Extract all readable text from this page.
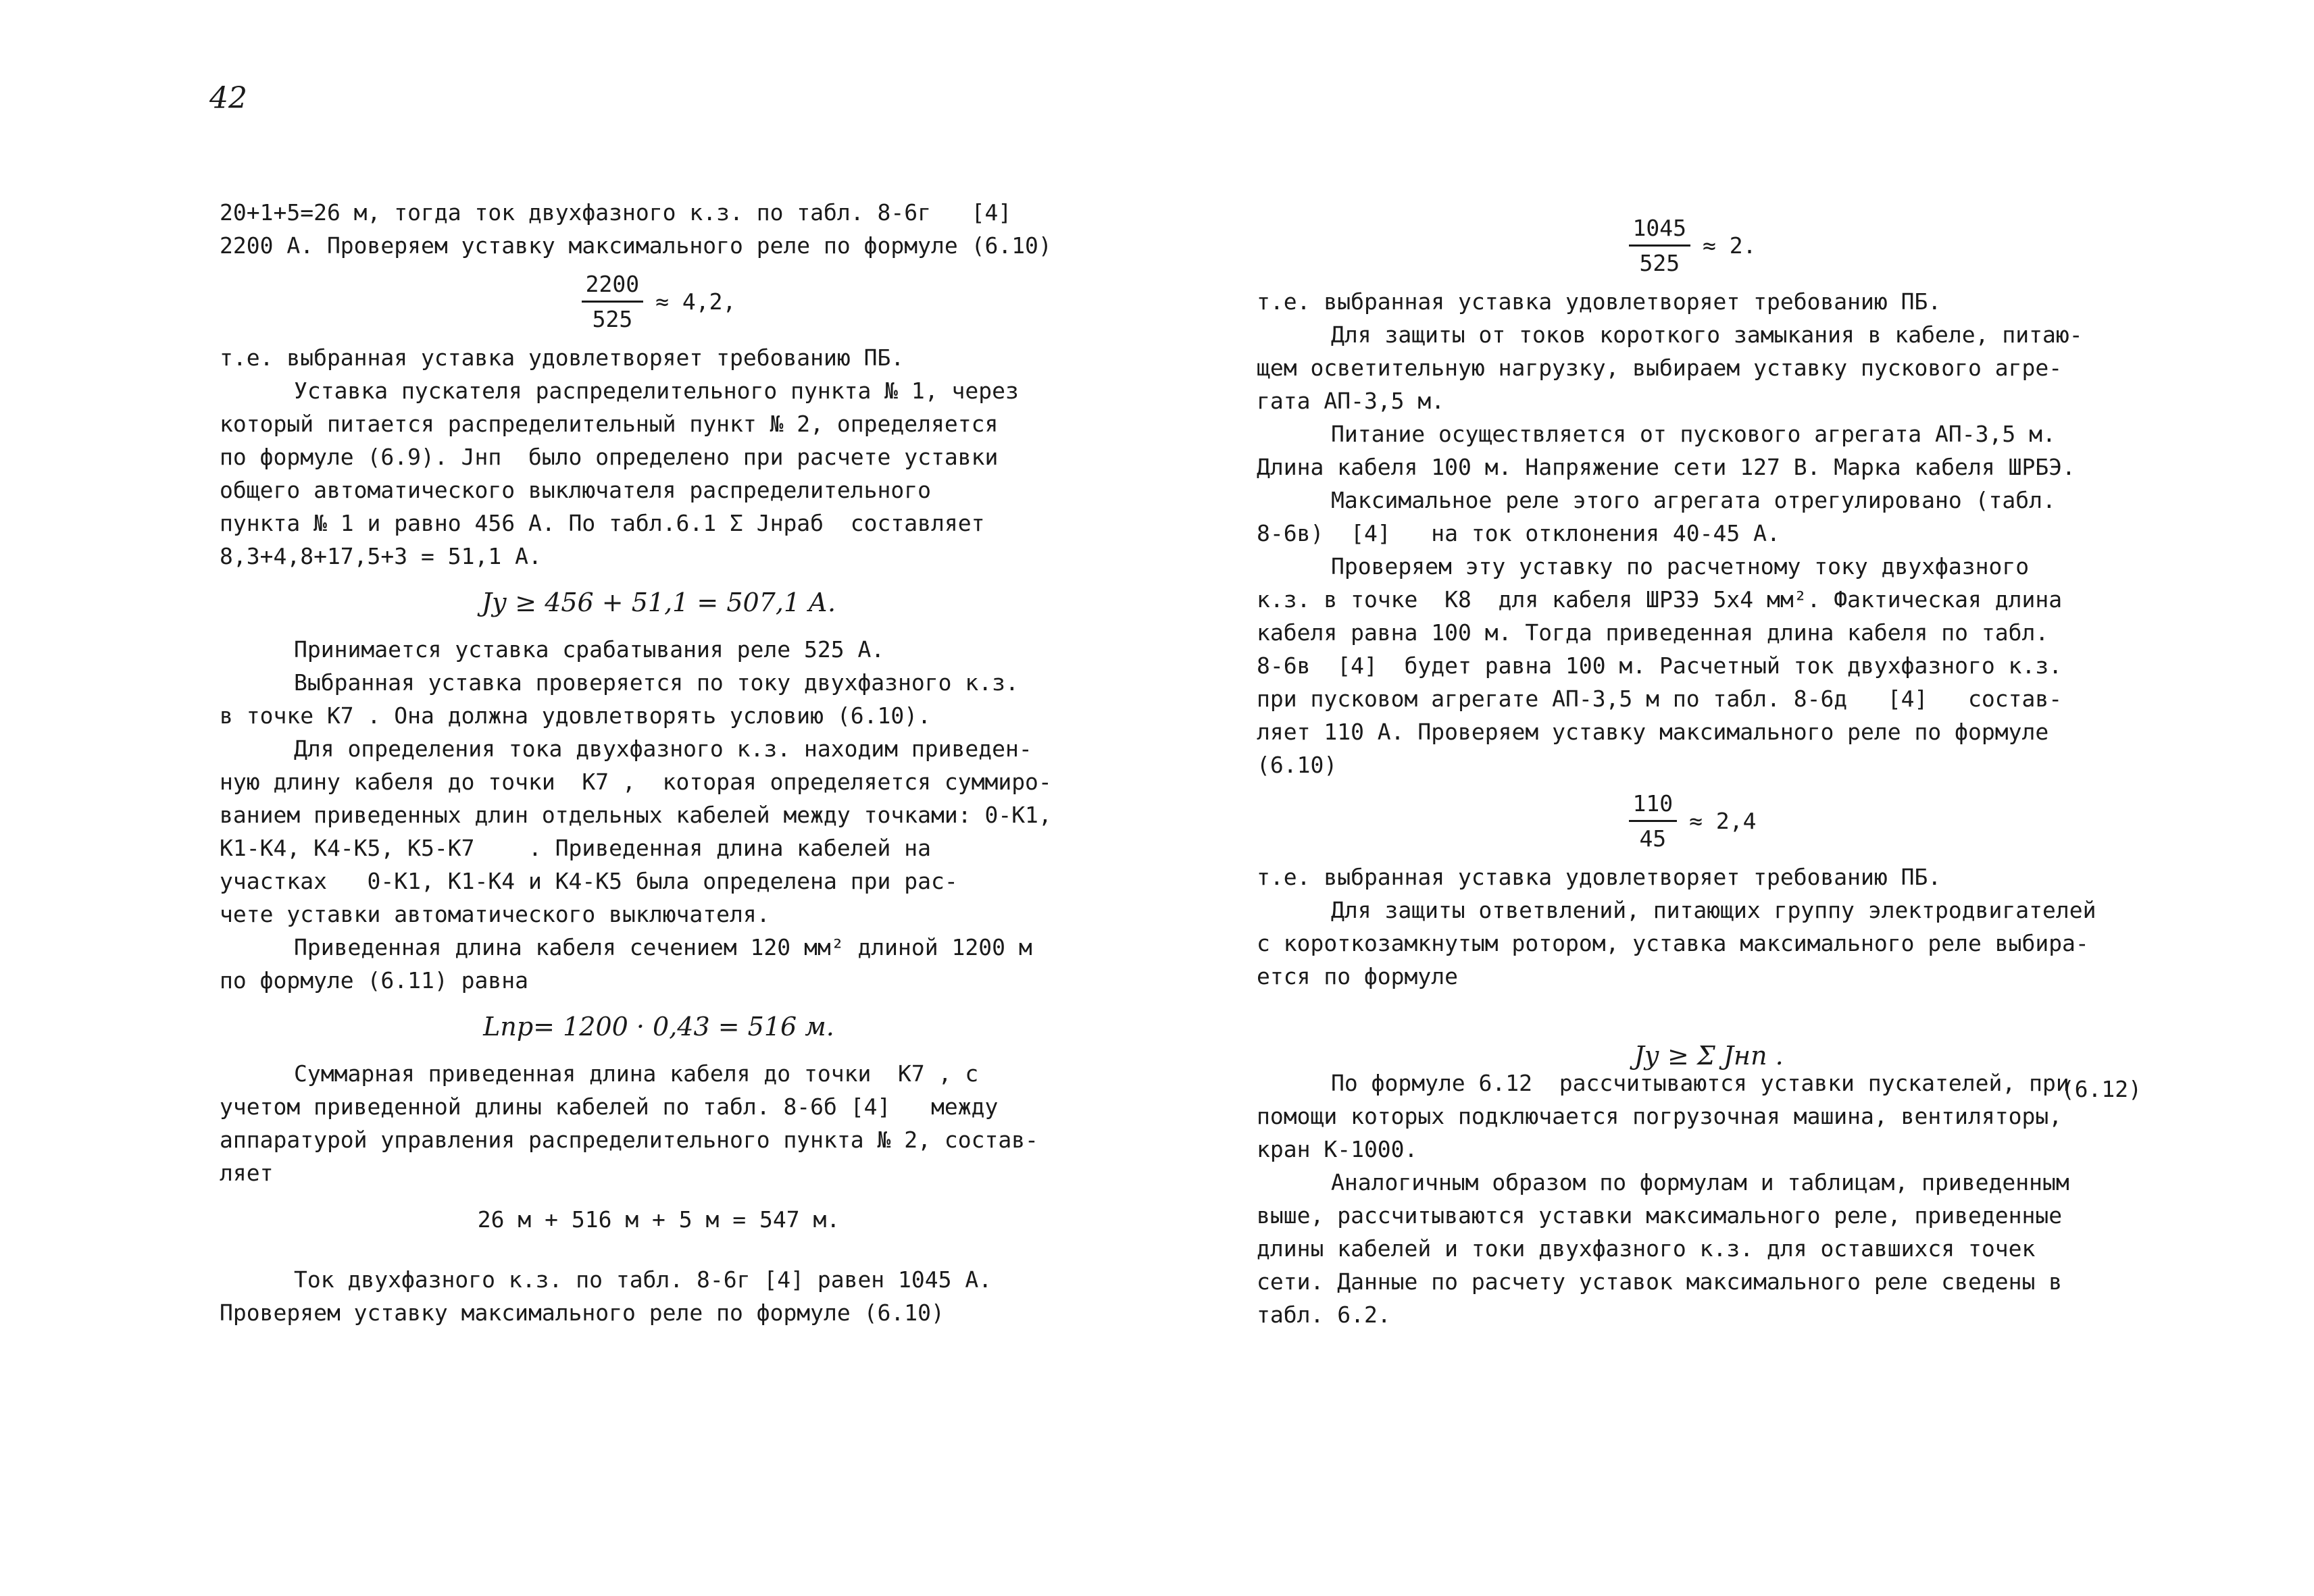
42
20+1+5=26 м, тогда ток двухфазного к.з. по табл. 8-6г   [4]
2200 А. Проверяем уставку максимального реле по формуле (6.10)
$\frac{2200}{525} \approx 4,2$,
т.е. выбранная уставка удовлетворяет требованию ПБ.
Уставка пускателя распределительного пункта № 1, через
который питается распределительный пункт № 2, определяется
по формуле (6.9). Jнп  было определено при расчете уставки
общего автоматического выключателя распределительного
пункта № 1 и равно 456 А. По табл.6.1 Σ Jнраб  составляет
8,3+4,8+17,5+3 = 51,1 А.
Jу ≥ 456 + 51,1 = 507,1 А.
Принимается уставка срабатывания реле 525 А.
Выбранная уставка проверяется по току двухфазного к.з.
в точке K7 . Она должна удовлетворять условию (6.10).
Для определения тока двухфазного к.з. находим приведен-
ную длину кабеля до точки  K7 ,  которая определяется суммиро-
ванием приведенных длин отдельных кабелей между точками: 0-K1,
K1-K4, K4-K5, K5-K7    . Приведенная длина кабелей на
участках   0-K1, K1-K4 и K4-K5 была определена при рас-
чете уставки автоматического выключателя.
Приведенная длина кабеля сечением 120 мм² длиной 1200 м
по формуле (6.11) равна
Lпр= 1200 · 0,43 = 516 м.
Суммарная приведенная длина кабеля до точки  K7 , с
учетом приведенной длины кабелей по табл. 8-6б [4]   между
аппаратурой управления распределительного пункта № 2, состав-
ляет
26 м + 516 м + 5 м = 547 м.
Ток двухфазного к.з. по табл. 8-6г [4] равен 1045 А.
Проверяем уставку максимального реле по формуле (6.10)
$\frac{1045}{525} \approx 2$.
т.е. выбранная уставка удовлетворяет требованию ПБ.
Для защиты от токов короткого замыкания в кабеле, питаю-
щем осветительную нагрузку, выбираем уставку пускового агре-
гата АП-3,5 м.
Питание осуществляется от пускового агрегата АП-3,5 м.
Длина кабеля 100 м. Напряжение сети 127 В. Марка кабеля ШРБЭ.
Максимальное реле этого агрегата отрегулировано (табл.
8-6в)  [4]   на ток отклонения 40-45 А.
Проверяем эту уставку по расчетному току двухфазного
к.з. в точке  K8  для кабеля ШРЗЭ 5х4 мм². Фактическая длина
кабеля равна 100 м. Тогда приведенная длина кабеля по табл.
8-6в  [4]  будет равна 100 м. Расчетный ток двухфазного к.з.
при пусковом агрегате АП-3,5 м по табл. 8-6д   [4]   состав-
ляет 110 А. Проверяем уставку максимального реле по формуле
(6.10)
$\frac{110}{45} \approx 2,4$
т.е. выбранная уставка удовлетворяет требованию ПБ.
Для защиты ответвлений, питающих группу электродвигателей
с короткозамкнутым ротором, уставка максимального реле выбира-
ется по формуле

Jу ≥ Σ Jнп .

(6.12)

По формуле 6.12  рассчитываются уставки пускателей, при
помощи которых подключается погрузочная машина, вентиляторы,
кран К-1000.
Аналогичным образом по формулам и таблицам, приведенным
выше, рассчитываются уставки максимального реле, приведенные
длины кабелей и токи двухфазного к.з. для оставшихся точек
сети. Данные по расчету уставок максимального реле сведены в
табл. 6.2.
